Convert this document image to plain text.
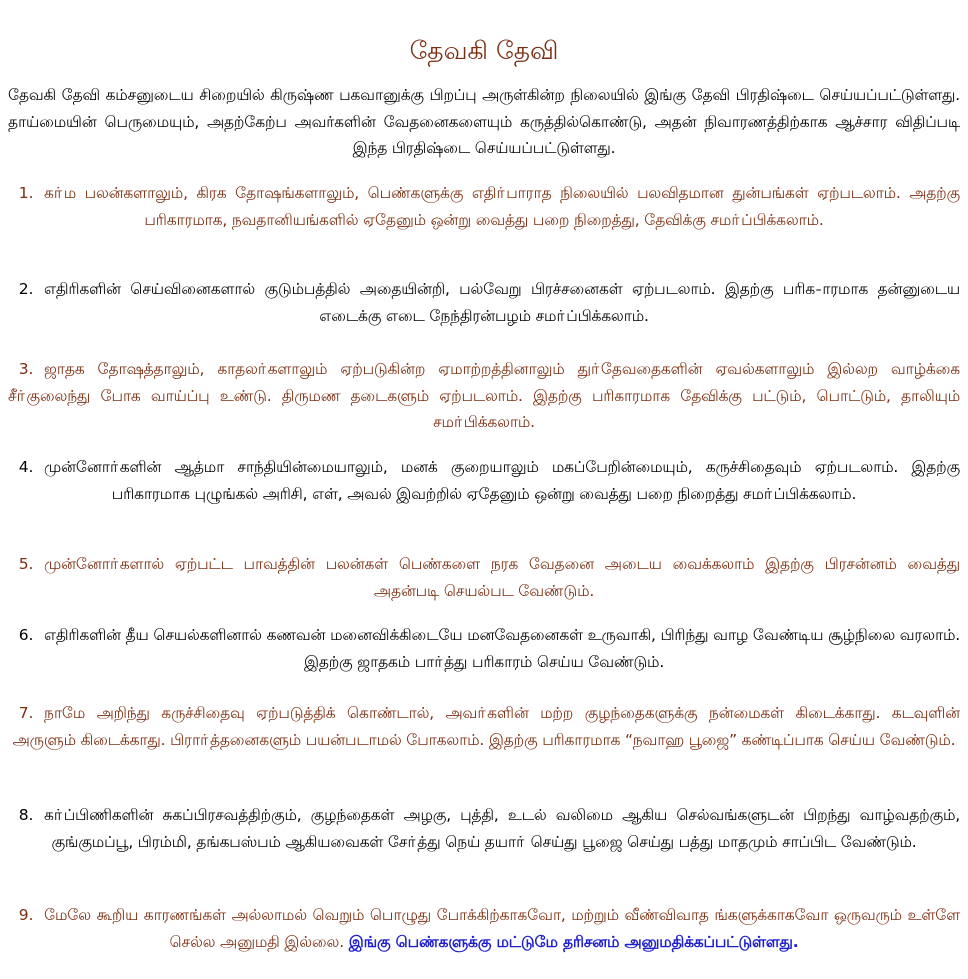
தேவகி தேவி

தேவகி தேவி கம்சனுடைய சிறையில் கிருஷ்ண பகவானுக்கு பிறப்பு அருள்கின்ற நிலையில் இங்கு தேவி பிரதிஷ்டை செய்யப்பட்டுள்ளது. தாய்மையின் பெருமையும், அதற்கேற்ப அவர்களின் வேதனைகளையும் கருத்தில்கொண்டு, அதன் நிவாரணத்திற்காக ஆச்சார விதிப்படி இந்த பிரதிஷ்டை செய்யப்பட்டுள்ளது.

1. கா்ம பலன்களாலும், கிரக தோஷங்களாலும், பெண்களுக்கு எதிா்பாராத நிலையில் பலவிதமான துன்பங்கள் ஏற்படலாம். அதற்கு பரிகாரமாக, நவதானியங்களில் ஏதேனும் ஒன்று வைத்து பறை நிறைத்து, தேவிக்கு சமா்ப்பிக்கலாம்.

2. எதிரிகளின் செய்வினைகளால் குடும்பத்தில் அதையின்றி, பல்வேறு பிரச்சனைகள் ஏற்படலாம். இதற்கு பரிக-ாரமாக தன்னுடைய எடைக்கு எடை நேந்திரன்பழம் சமா்ப்பிக்கலாம்.

3. ஜாதக தோஷத்தாலும், காதலா்களாலும் ஏற்படுகின்ற ஏமாற்றத்தினாலும் துா்தேவதைகளின் ஏவல்களாலும் இல்லற வாழ்க்கை சீா்குலைந்து போக வாய்ப்பு உண்டு. திருமண தடைகளும் ஏற்படலாம். இதற்கு பரிகாரமாக தேவிக்கு பட்டும், பொட்டும், தாலியும் சமா்பிக்கலாம்.

4. முன்னோா்களின் ஆத்மா சாந்தியின்மையாலும், மனக் குறையாலும் மகப்பேறின்மையும், கருச்சிதைவும் ஏற்படலாம். இதற்கு பரிகாரமாக புழுங்கல் அரிசி, எள், அவல் இவற்றில் ஏதேனும் ஒன்று வைத்து பறை நிறைத்து சமா்ப்பிக்கலாம்.

5. முன்னோா்களால் ஏற்பட்ட பாவத்தின் பலன்கள் பெண்களை நரக வேதனை அடைய வைக்கலாம் இதற்கு பிரசன்னம் வைத்து அதன்படி செயல்பட வேண்டும்.

6. எதிரிகளின் தீய செயல்களினால் கணவன் மனைவிக்கிடையே மனவேதனைகள் உருவாகி, பிரிந்து வாழ வேண்டிய சூழ்நிலை வரலாம். இதற்கு ஜாதகம் பாா்த்து பரிகாரம் செய்ய வேண்டும்.

7. நாமே அறிந்து கருச்சிதைவு ஏற்படுத்திக் கொண்டால், அவா்களின் மற்ற குழந்தைகளுக்கு நன்மைகள் கிடைக்காது. கடவுளின் அருளும் கிடைக்காது. பிராா்த்தனைகளும் பயன்படாமல் போகலாம். இதற்கு பரிகாரமாக “நவாஹ பூஜை” கண்டிப்பாக செய்ய வேண்டும்.

8. கா்ப்பிணிகளின் சுகப்பிரசவத்திற்கும், குழந்தைகள் அழகு, புத்தி, உடல் வலிமை ஆகிய செல்வங்களுடன் பிறந்து வாழ்வதற்கும், குங்குமப்பூ, பிரம்மி, தங்கபஸ்பம் ஆகியவைகள் சோ்த்து நெய் தயாா் செய்து பூஜை செய்து பத்து மாதமும் சாப்பிட வேண்டும்.

9. மேலே கூறிய காரணங்கள் அல்லாமல் வெறும் பொழுது போக்கிற்காகவோ, மற்றும் வீண்விவாத ங்களுக்காகவோ ஒருவரும் உள்ளே செல்ல அனுமதி இல்லை. இங்கு பெண்களுக்கு மட்டுமே தரிசனம் அனுமதிக்கப்பட்டுள்ளது.
